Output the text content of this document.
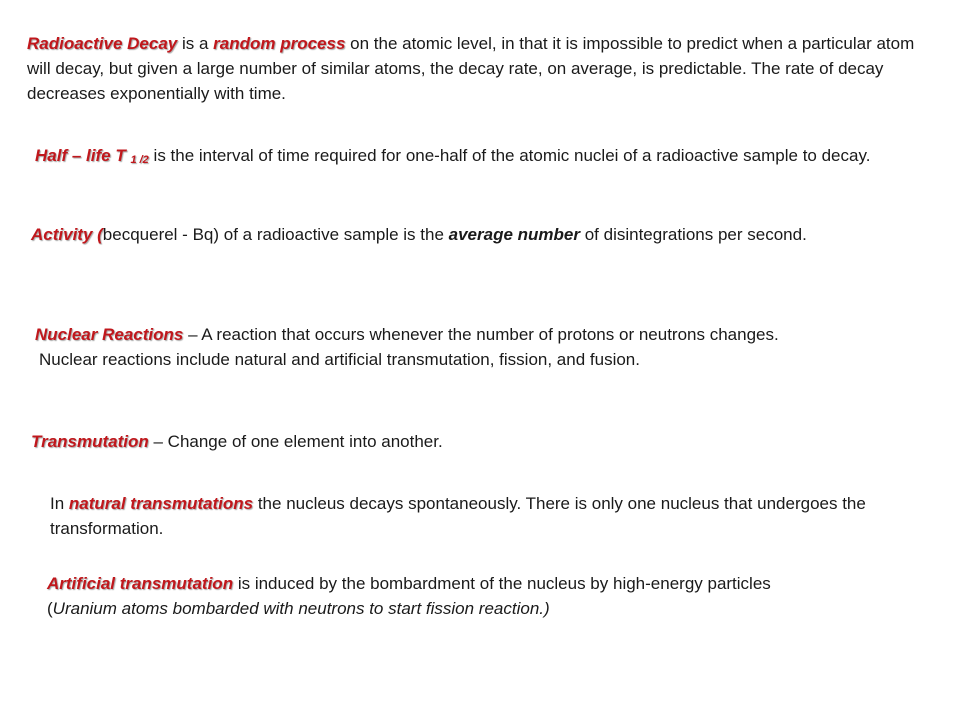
Radioactive Decay is a random process on the atomic level, in that it is impossible to predict when a particular atom will decay, but given a large number of similar atoms, the decay rate, on average, is predictable. The rate of decay decreases exponentially with time.

Half – life T 1 /2 is the interval of time required for one-half of the atomic nuclei of a radioactive sample to decay.

Activity (becquerel - Bq) of a radioactive sample is the average number of disintegrations per second.

Nuclear Reactions – A reaction that occurs whenever the number of protons or neutrons changes.
Nuclear reactions include natural and artificial transmutation, fission, and fusion.

Transmutation – Change of one element into another.

In natural transmutations the nucleus decays spontaneously. There is only one nucleus that undergoes the transformation.

Artificial transmutation is induced by the bombardment of the nucleus by high-energy particles
(Uranium atoms bombarded with neutrons to start fission reaction.)
